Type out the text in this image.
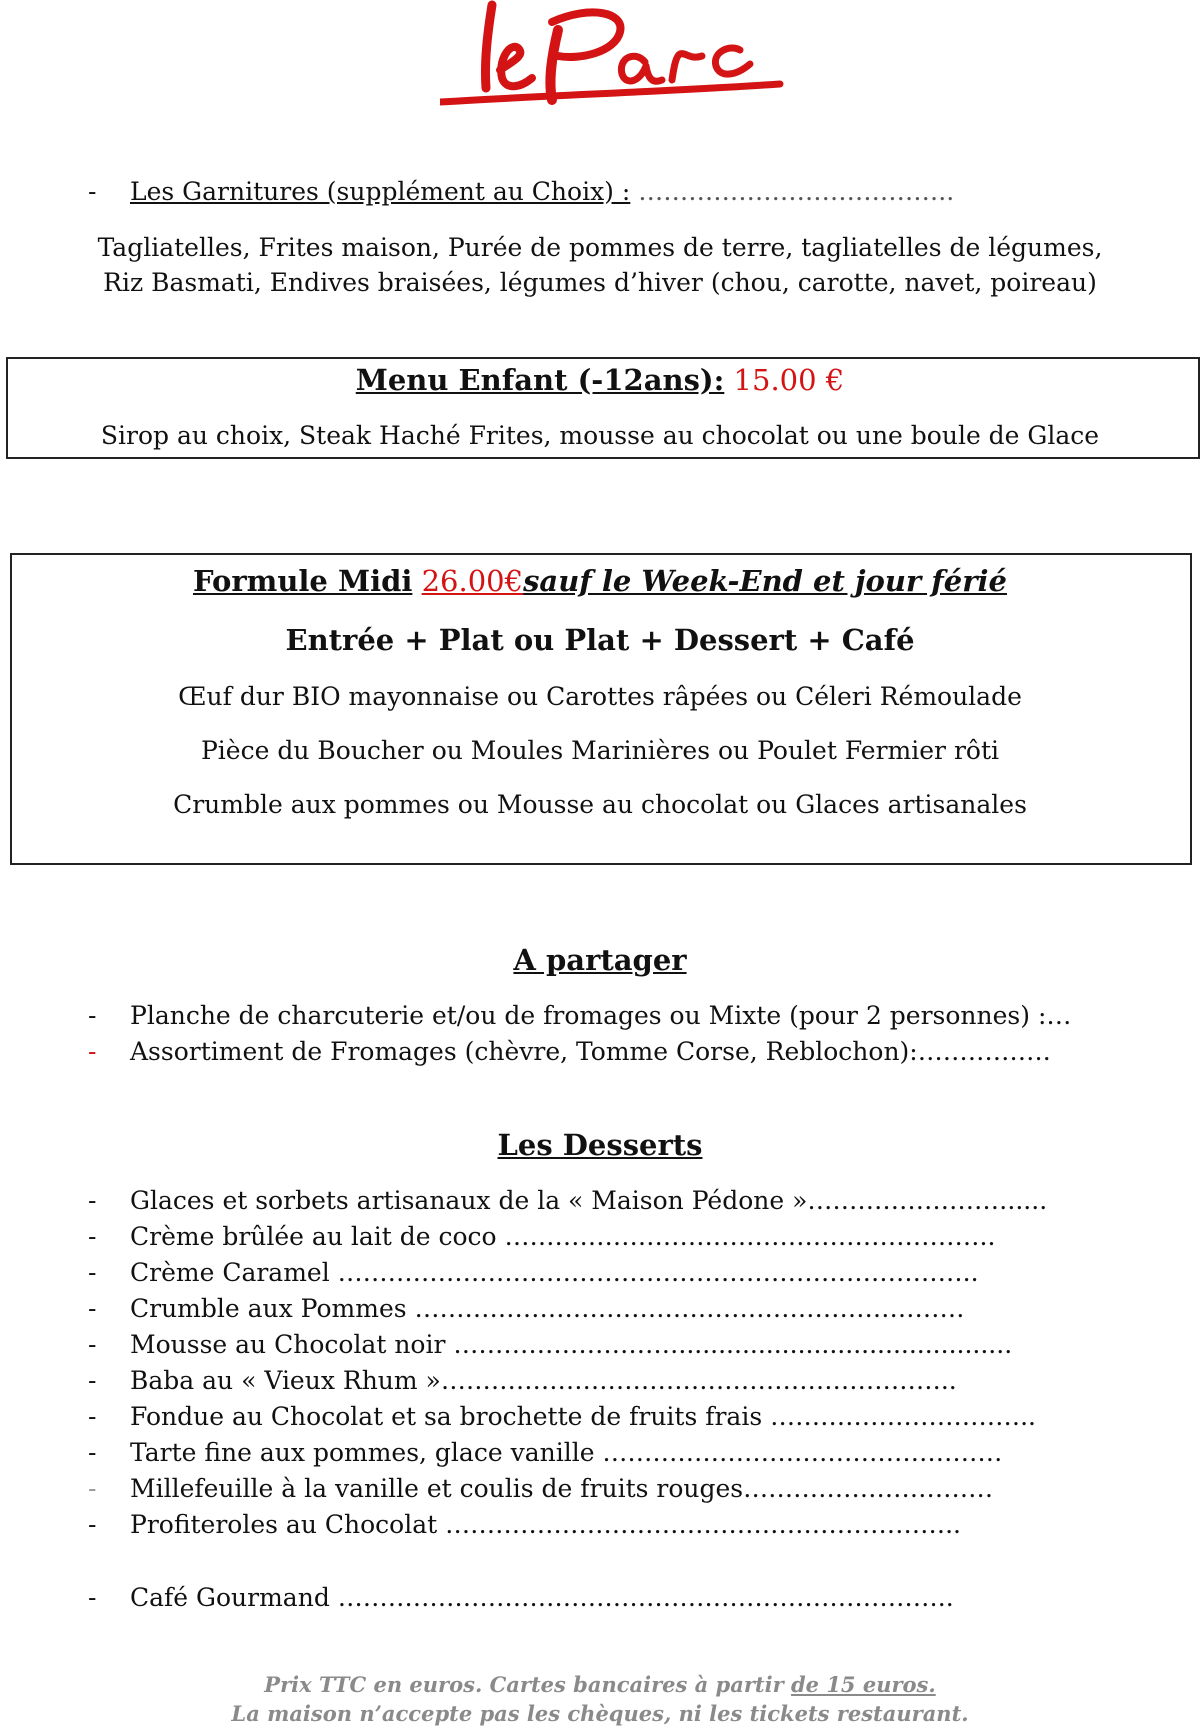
-	Les Garnitures (supplément au Choix) : ………………………………..
Tagliatelles, Frites maison, Purée de pommes de terre, tagliatelles de légumes,
Riz Basmati, Endives braisées, légumes d’hiver (chou, carotte, navet, poireau)
Menu Enfant (-12ans): 15.00 €
Sirop au choix, Steak Haché Frites, mousse au chocolat ou une boule de Glace
Formule Midi 26.00€sauf le Week-End et jour férié
Entrée + Plat ou Plat + Dessert + Café
Œuf dur BIO mayonnaise ou Carottes râpées ou Céleri Rémoulade
Pièce du Boucher ou Moules Marinières ou Poulet Fermier rôti
Crumble aux pommes ou Mousse au chocolat ou Glaces artisanales
A partager
-	Planche de charcuterie et/ou de fromages ou Mixte (pour 2 personnes) :…
-	Assortiment de Fromages (chèvre, Tomme Corse, Reblochon):…………….
Les Desserts
-	Glaces et sorbets artisanaux de la « Maison Pédone »…………………….....
-	Crème brûlée au lait de coco …………………………………………………..
-	Crème Caramel …………………………………………………………………..
-	Crumble aux Pommes …………………………………………………………
-	Mousse au Chocolat noir ………………………..........................................
-	Baba au « Vieux Rhum »……………………………………………………..
-	Fondue au Chocolat et sa brochette de fruits frais …………………………..
-	Tarte fine aux pommes, glace vanille …………………………………………
-	Millefeuille à la vanille et coulis de fruits rouges…………………………
-	Profiteroles au Chocolat ……………………………………………………..
-	Café Gourmand ………………………………………………………………..
Prix TTC en euros. Cartes bancaires à partir de 15 euros.
La maison n’accepte pas les chèques, ni les tickets restaurant.
